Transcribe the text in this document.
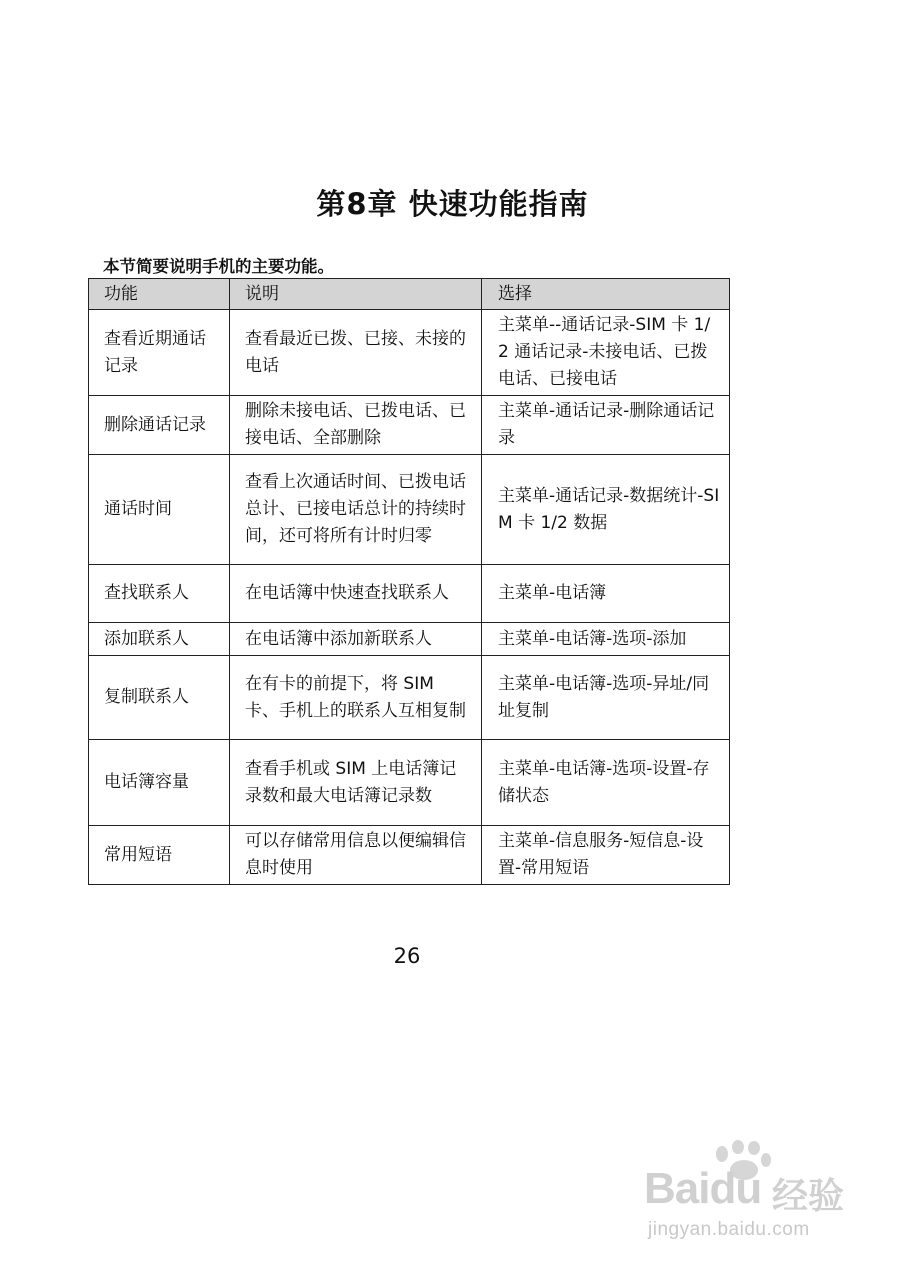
第8章 快速功能指南
本节简要说明手机的主要功能。
功能	说明	选择
查看近期通话记录	查看最近已拨、已接、未接的电话	主菜单--通话记录-SIM 卡 1/2 通话记录-未接电话、已拨电话、已接电话
删除通话记录	删除未接电话、已拨电话、已接电话、全部删除	主菜单-通话记录-删除通话记录
通话时间	查看上次通话时间、已拨电话总计、已接电话总计的持续时间，还可将所有计时归零	主菜单-通话记录-数据统计-SIM 卡 1/2 数据
查找联系人	在电话簿中快速查找联系人	主菜单-电话簿
添加联系人	在电话簿中添加新联系人	主菜单-电话簿-选项-添加
复制联系人	在有卡的前提下，将 SIM 卡、手机上的联系人互相复制	主菜单-电话簿-选项-异址/同址复制
电话簿容量	查看手机或 SIM 上电话簿记录数和最大电话簿记录数	主菜单-电话簿-选项-设置-存储状态
常用短语	可以存储常用信息以便编辑信息时使用	主菜单-信息服务-短信息-设置-常用短语
26
Baidu 经验
jingyan.baidu.com
